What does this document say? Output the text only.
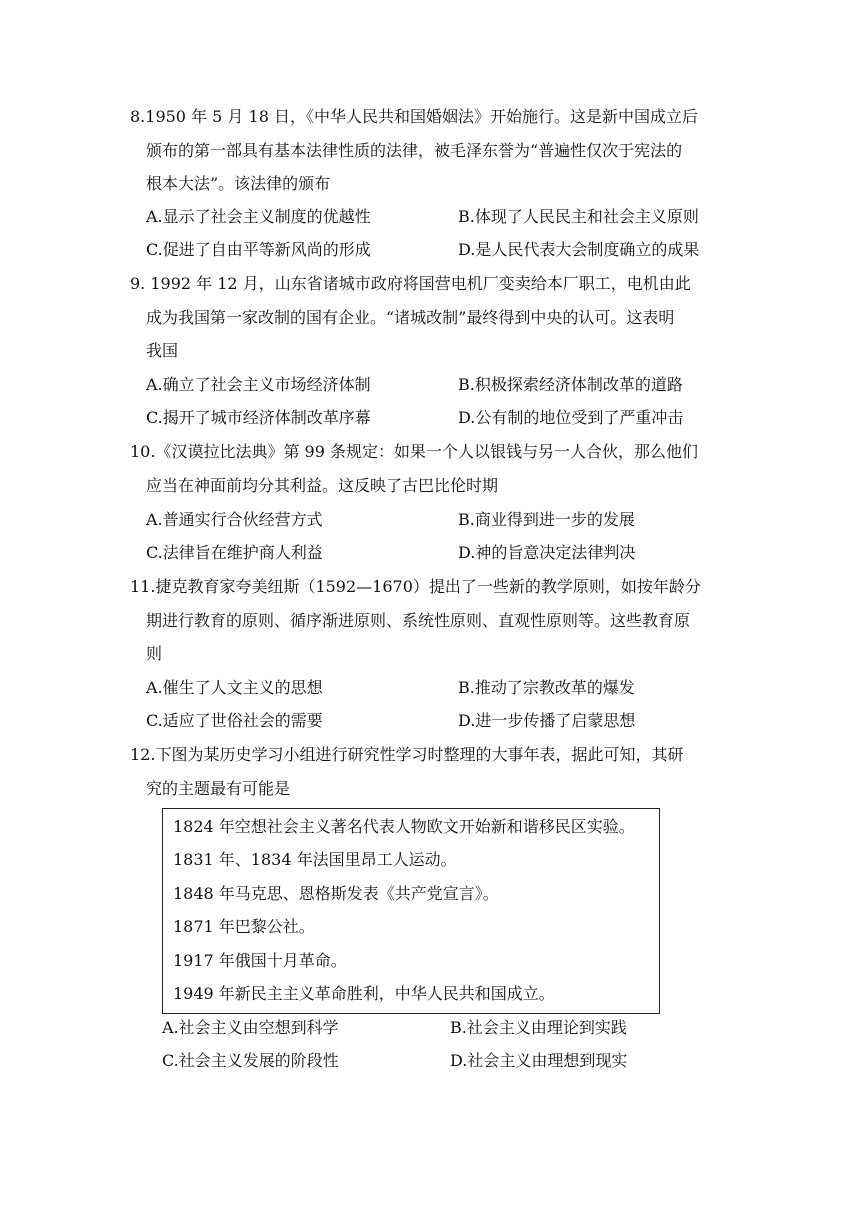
8.1950 年 5 月 18 日，《中华人民共和国婚姻法》开始施行。这是新中国成立后
颁布的第一部具有基本法律性质的法律，被毛泽东誉为“普遍性仅次于宪法的
根本大法”。该法律的颁布
A.显示了社会主义制度的优越性	B.体现了人民民主和社会主义原则
C.促进了自由平等新风尚的形成	D.是人民代表大会制度确立的成果
9. 1992 年 12 月，山东省诸城市政府将国营电机厂变卖给本厂职工，电机由此
成为我国第一家改制的国有企业。“诸城改制”最终得到中央的认可。这表明
我国
A.确立了社会主义市场经济体制	B.积极探索经济体制改革的道路
C.揭开了城市经济体制改革序幕	D.公有制的地位受到了严重冲击
10.《汉谟拉比法典》第 99 条规定：如果一个人以银钱与另一人合伙，那么他们
应当在神面前均分其利益。这反映了古巴比伦时期
A.普通实行合伙经营方式	B.商业得到进一步的发展
C.法律旨在维护商人利益	D.神的旨意决定法律判决
11.捷克教育家夸美纽斯（1592—1670）提出了一些新的教学原则，如按年龄分
期进行教育的原则、循序渐进原则、系统性原则、直观性原则等。这些教育原
则
A.催生了人文主义的思想	B.推动了宗教改革的爆发
C.适应了世俗社会的需要	D.进一步传播了启蒙思想
12.下图为某历史学习小组进行研究性学习时整理的大事年表，据此可知，其研
究的主题最有可能是
1824 年空想社会主义著名代表人物欧文开始新和谐移民区实验。
1831 年、1834 年法国里昂工人运动。
1848 年马克思、恩格斯发表《共产党宣言》。
1871 年巴黎公社。
1917 年俄国十月革命。
1949 年新民主主义革命胜利，中华人民共和国成立。
A.社会主义由空想到科学	B.社会主义由理论到实践
C.社会主义发展的阶段性	D.社会主义由理想到现实
